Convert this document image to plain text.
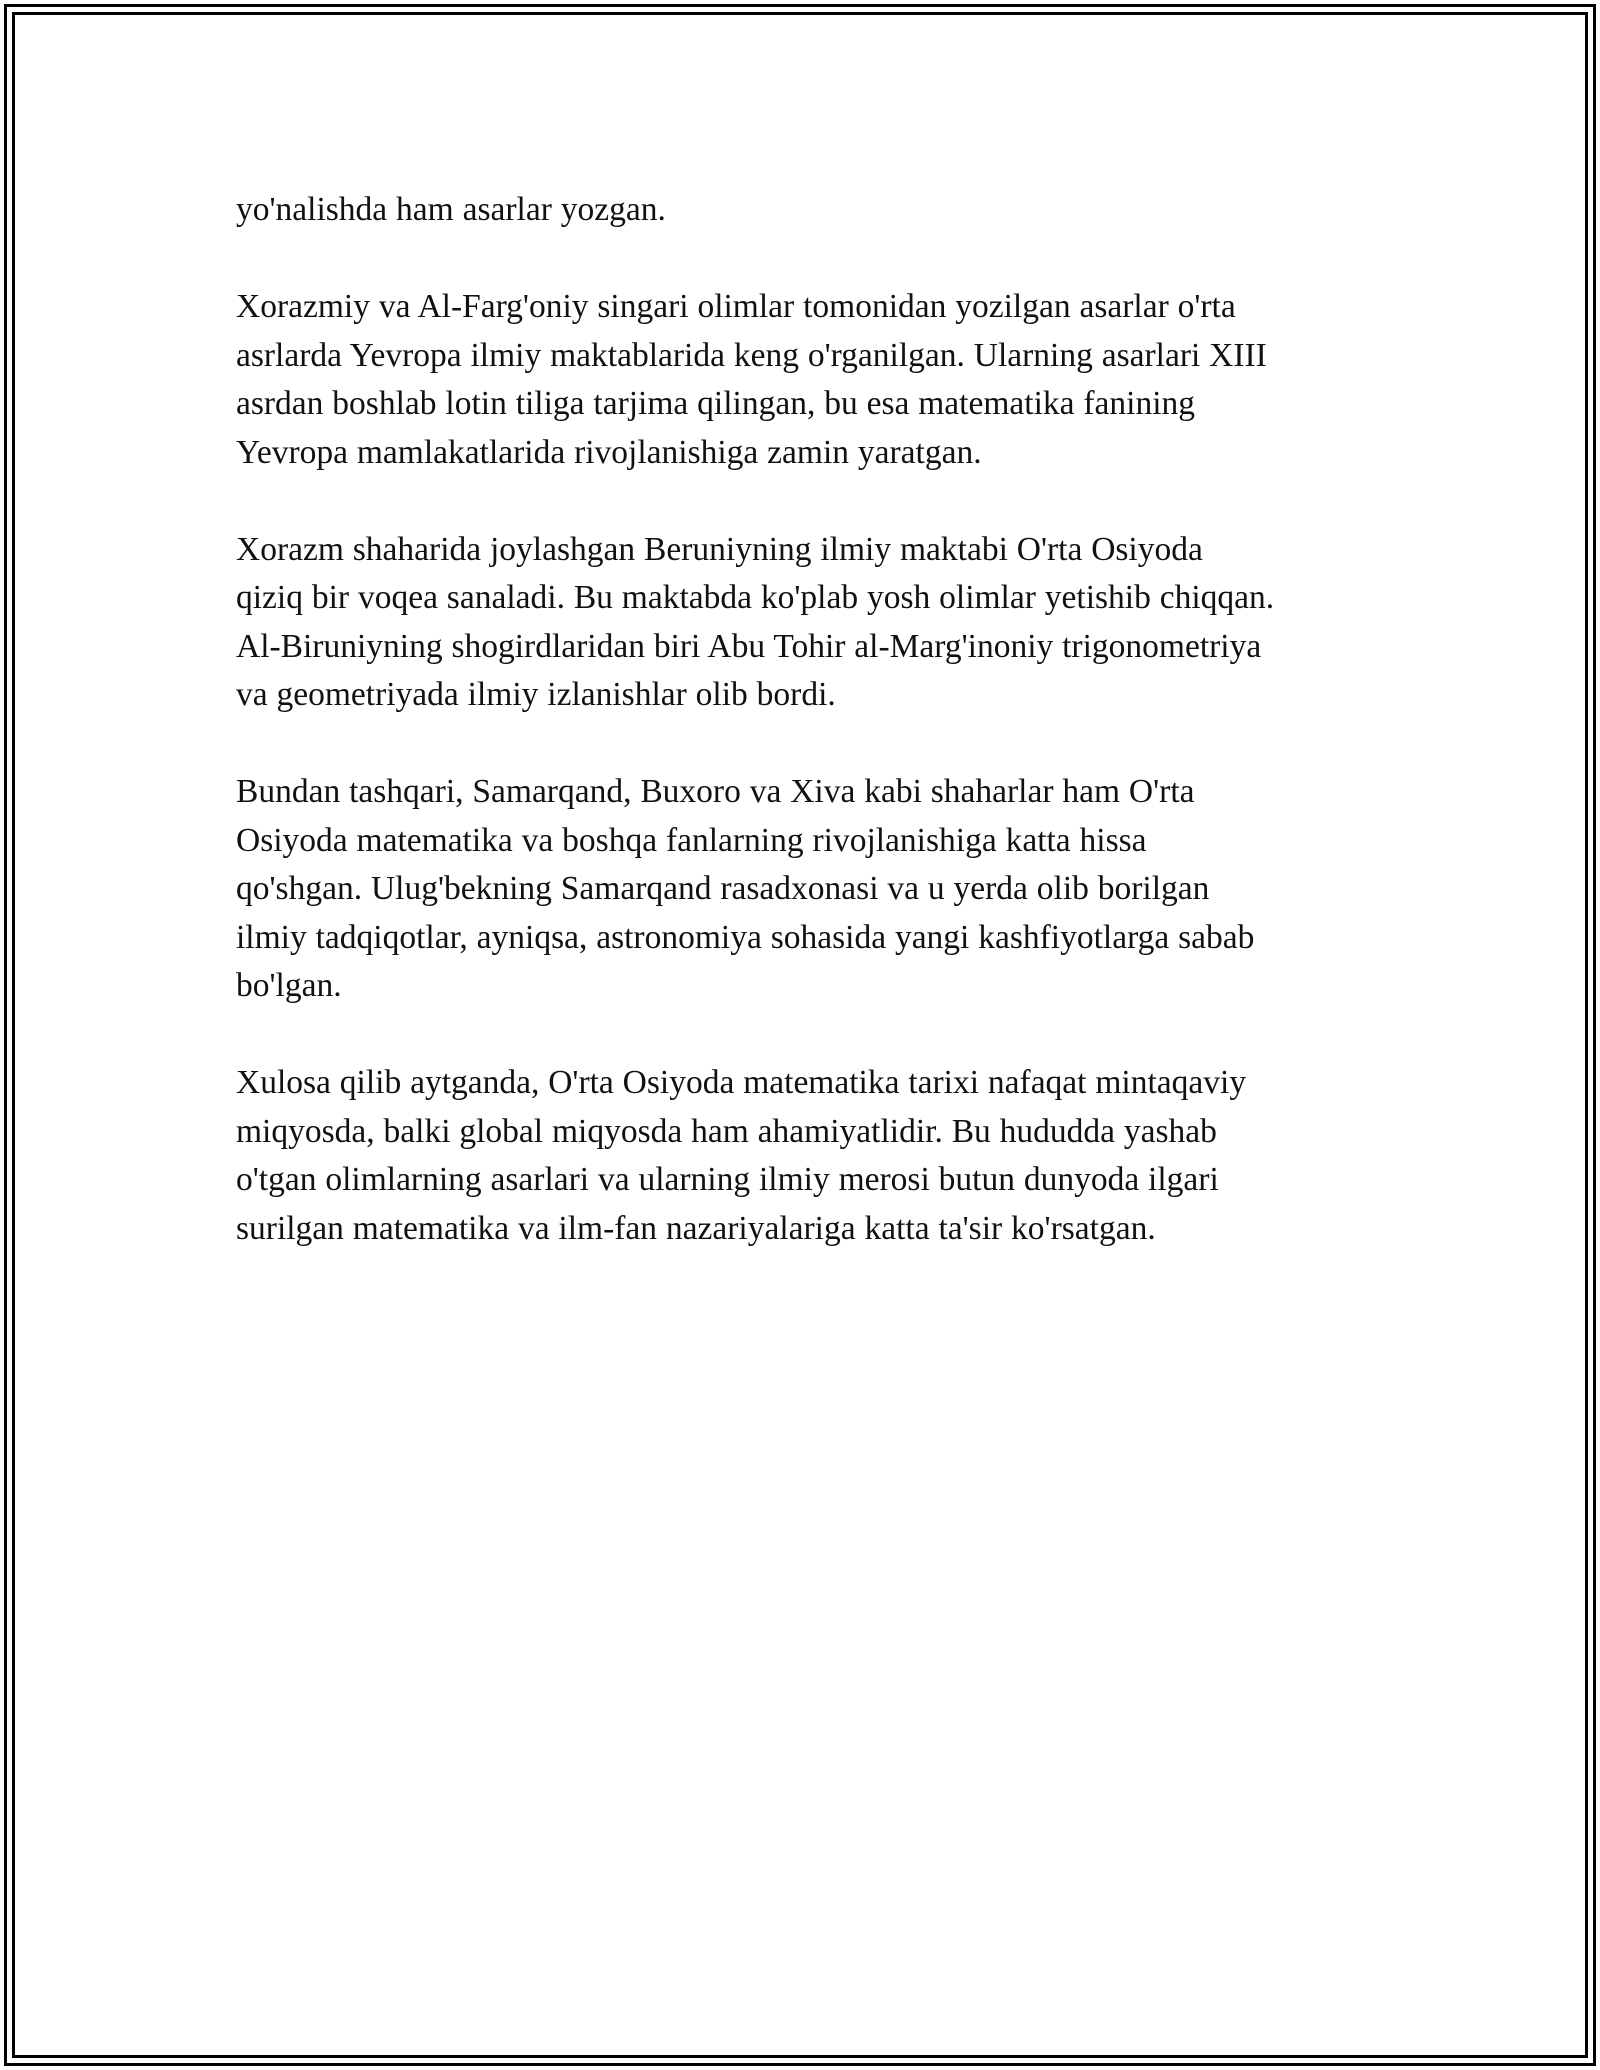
yo'nalishda ham asarlar yozgan.

Xorazmiy va Al-Farg'oniy singari olimlar tomonidan yozilgan asarlar o'rta
asrlarda Yevropa ilmiy maktablarida keng o'rganilgan. Ularning asarlari XIII
asrdan boshlab lotin tiliga tarjima qilingan, bu esa matematika fanining
Yevropa mamlakatlarida rivojlanishiga zamin yaratgan.

Xorazm shaharida joylashgan Beruniyning ilmiy maktabi O'rta Osiyoda
qiziq bir voqea sanaladi. Bu maktabda ko'plab yosh olimlar yetishib chiqqan.
Al-Biruniyning shogirdlaridan biri Abu Tohir al-Marg'inoniy trigonometriya
va geometriyada ilmiy izlanishlar olib bordi.

Bundan tashqari, Samarqand, Buxoro va Xiva kabi shaharlar ham O'rta
Osiyoda matematika va boshqa fanlarning rivojlanishiga katta hissa
qo'shgan. Ulug'bekning Samarqand rasadxonasi va u yerda olib borilgan
ilmiy tadqiqotlar, ayniqsa, astronomiya sohasida yangi kashfiyotlarga sabab
bo'lgan.

Xulosa qilib aytganda, O'rta Osiyoda matematika tarixi nafaqat mintaqaviy
miqyosda, balki global miqyosda ham ahamiyatlidir. Bu hududda yashab
o'tgan olimlarning asarlari va ularning ilmiy merosi butun dunyoda ilgari
surilgan matematika va ilm-fan nazariyalariga katta ta'sir ko'rsatgan.
